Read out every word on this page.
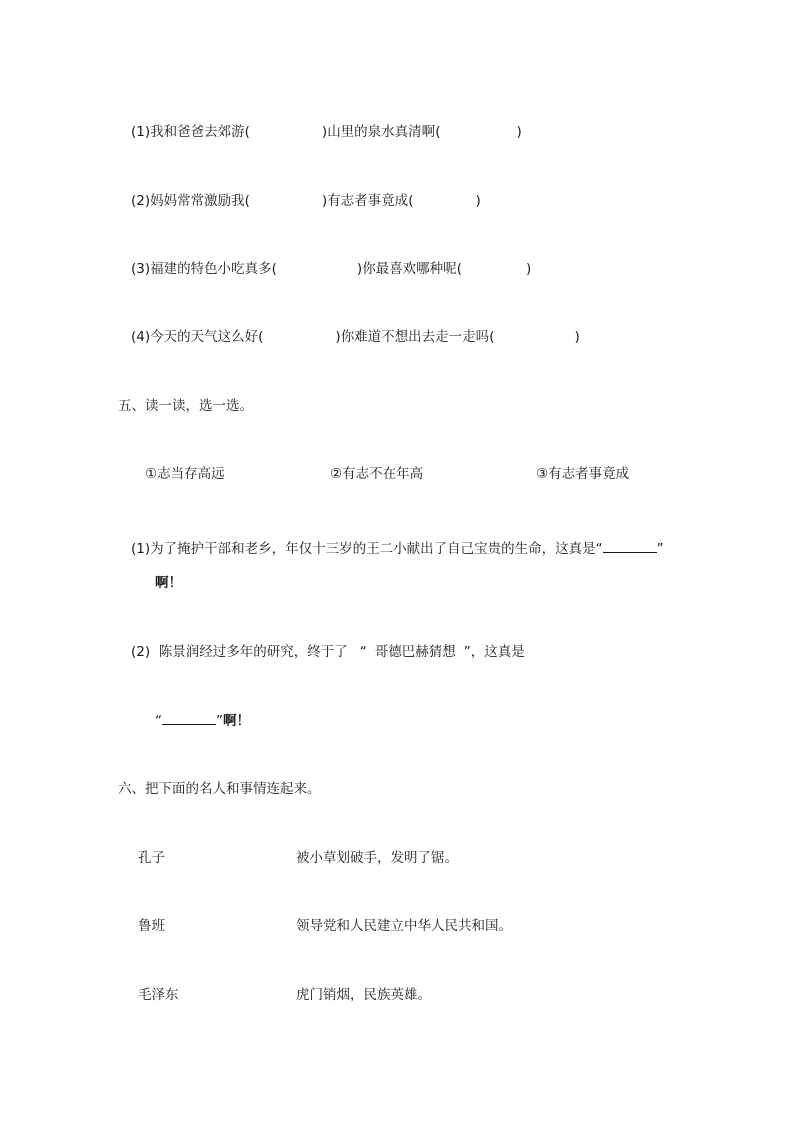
(1)我和爸爸去郊游(	)山里的泉水真清啊(	)
(2)妈妈常常激励我(	)有志者事竟成(	)
(3)福建的特色小吃真多(	)你最喜欢哪种呢(	)
(4)今天的天气这么好(	)你难道不想出去走一走吗(	)
五、读一读，选一选。
①志当存高远	②有志不在年高	③有志者事竟成
(1)为了掩护干部和老乡，年仅十三岁的王二小献出了自己宝贵的生命，这真是“	”
啊！
(2)  陈景润经过多年的研究，终于了 “ 哥德巴赫猜想 ”，这真是
“	”啊！
六、把下面的名人和事情连起来。
孔子	被小草划破手，发明了锯。
鲁班	领导党和人民建立中华人民共和国。
毛泽东	虎门销烟，民族英雄。
